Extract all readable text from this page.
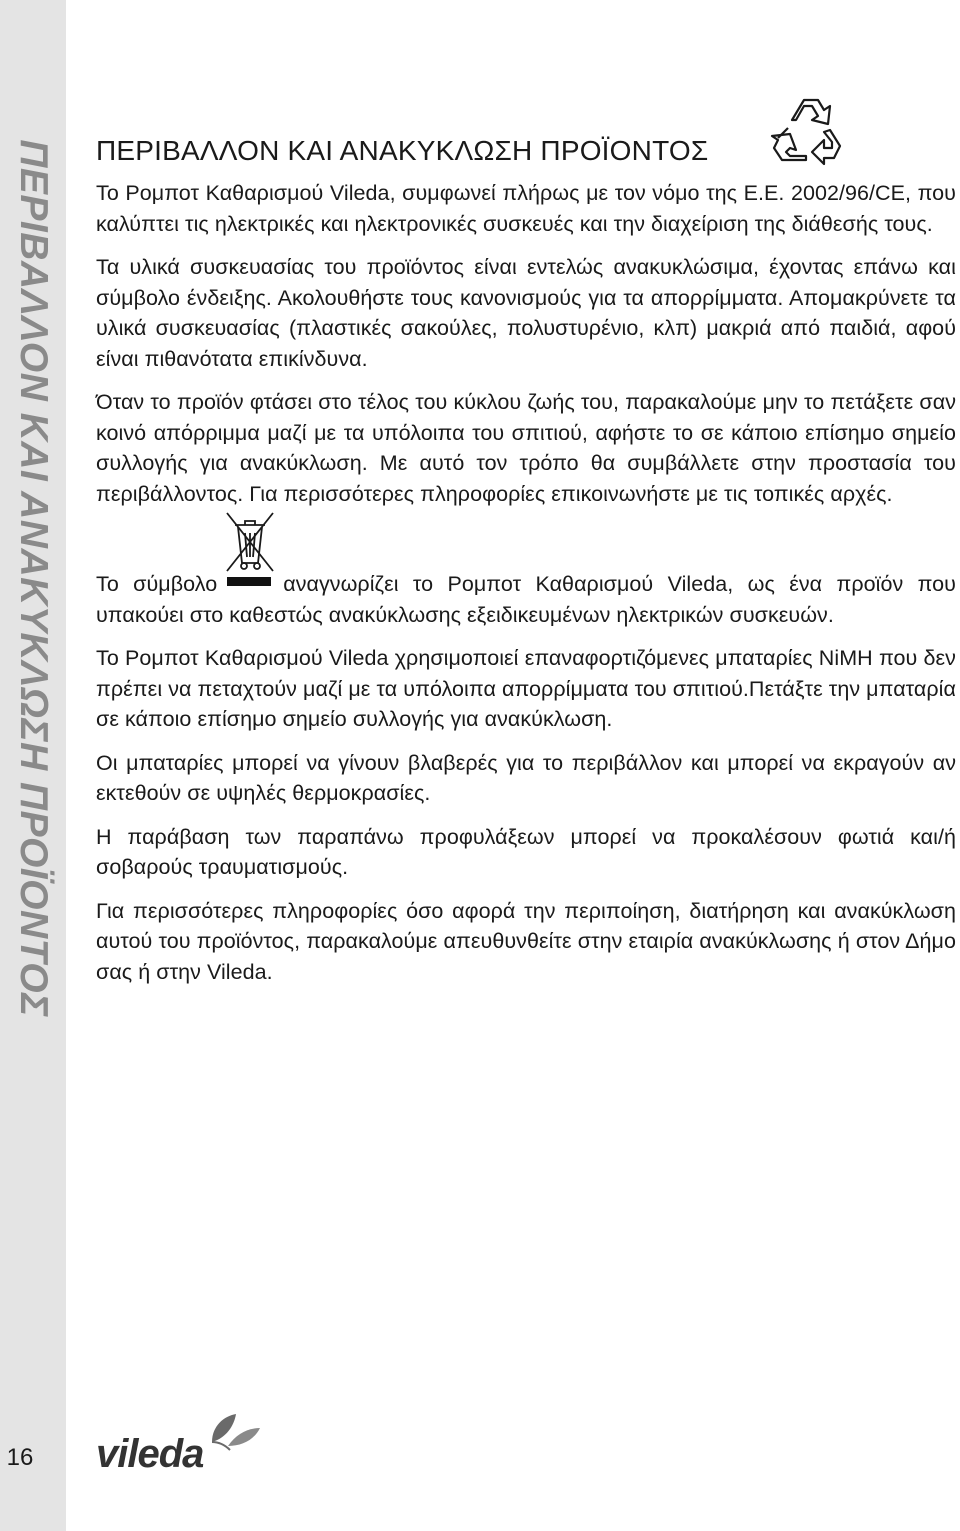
ΠΕΡΙΒΑΛΛΟΝ ΚΑΙ ΑΝΑΚΥΚΛΩΣΗ ΠΡΟΪΟΝΤΟΣ
16
ΠΕΡΙΒΑΛΛΟΝ ΚΑΙ ΑΝΑΚΥΚΛΩΣΗ ΠΡΟΪΟΝΤΟΣ

Το Ρομποτ Καθαρισμού Vileda, συμφωνεί πλήρως με τον νόμο της Ε.Ε. 2002/96/CE, που καλύπτει τις ηλεκτρικές και ηλεκτρονικές συσκευές και την διαχείριση της διάθεσής τους.

Τα υλικά συσκευασίας του προϊόντος είναι εντελώς ανακυκλώσιμα, έχοντας επάνω και σύμβολο ένδειξης. Ακολουθήστε τους κανονισμούς για τα απορρίμματα. Απομακρύνετε τα υλικά συσκευασίας (πλαστικές σακούλες, πολυστυρένιο, κλπ) μακριά από παιδιά, αφού είναι πιθανότατα επικίνδυνα.

Όταν το προϊόν φτάσει στο τέλος του κύκλου ζωής του, παρακαλούμε μην το πετάξετε σαν κοινό απόρριμμα μαζί με τα υπόλοιπα του σπιτιού, αφήστε το σε κάποιο επίσημο σημείο συλλογής για ανακύκλωση. Με αυτό τον τρόπο θα συμβάλλετε στην προστασία του περιβάλλοντος. Για περισσότερες πληροφορίες επικοινωνήστε με τις τοπικές αρχές.

Το σύμβολο	αναγνωρίζει το Ρομποτ Καθαρισμού Vileda, ως ένα προϊόν που υπακούει στο καθεστώς ανακύκλωσης εξειδικευμένων ηλεκτρικών συσκευών.

Το Ρομποτ Καθαρισμού Vileda χρησιμοποιεί επαναφορτιζόμενες μπαταρίες NiMH που δεν πρέπει να πεταχτούν μαζί με τα υπόλοιπα απορρίμματα του σπιτιού.Πετάξτε την μπαταρία σε κάποιο επίσημο σημείο συλλογής για ανακύκλωση.

Οι μπαταρίες μπορεί να γίνουν βλαβερές για το περιβάλλον και μπορεί να εκραγούν αν εκτεθούν σε υψηλές θερμοκρασίες.

Η παράβαση των παραπάνω προφυλάξεων μπορεί να προκαλέσουν φωτιά και/ή σοβαρούς τραυματισμούς.

Για περισσότερες πληροφορίες όσο αφορά την περιποίηση, διατήρηση και ανακύκλωση αυτού του προϊόντος, παρακαλούμε απευθυνθείτε στην εταιρία ανακύκλωσης ή στον Δήμο σας ή στην Vileda.

vileda
